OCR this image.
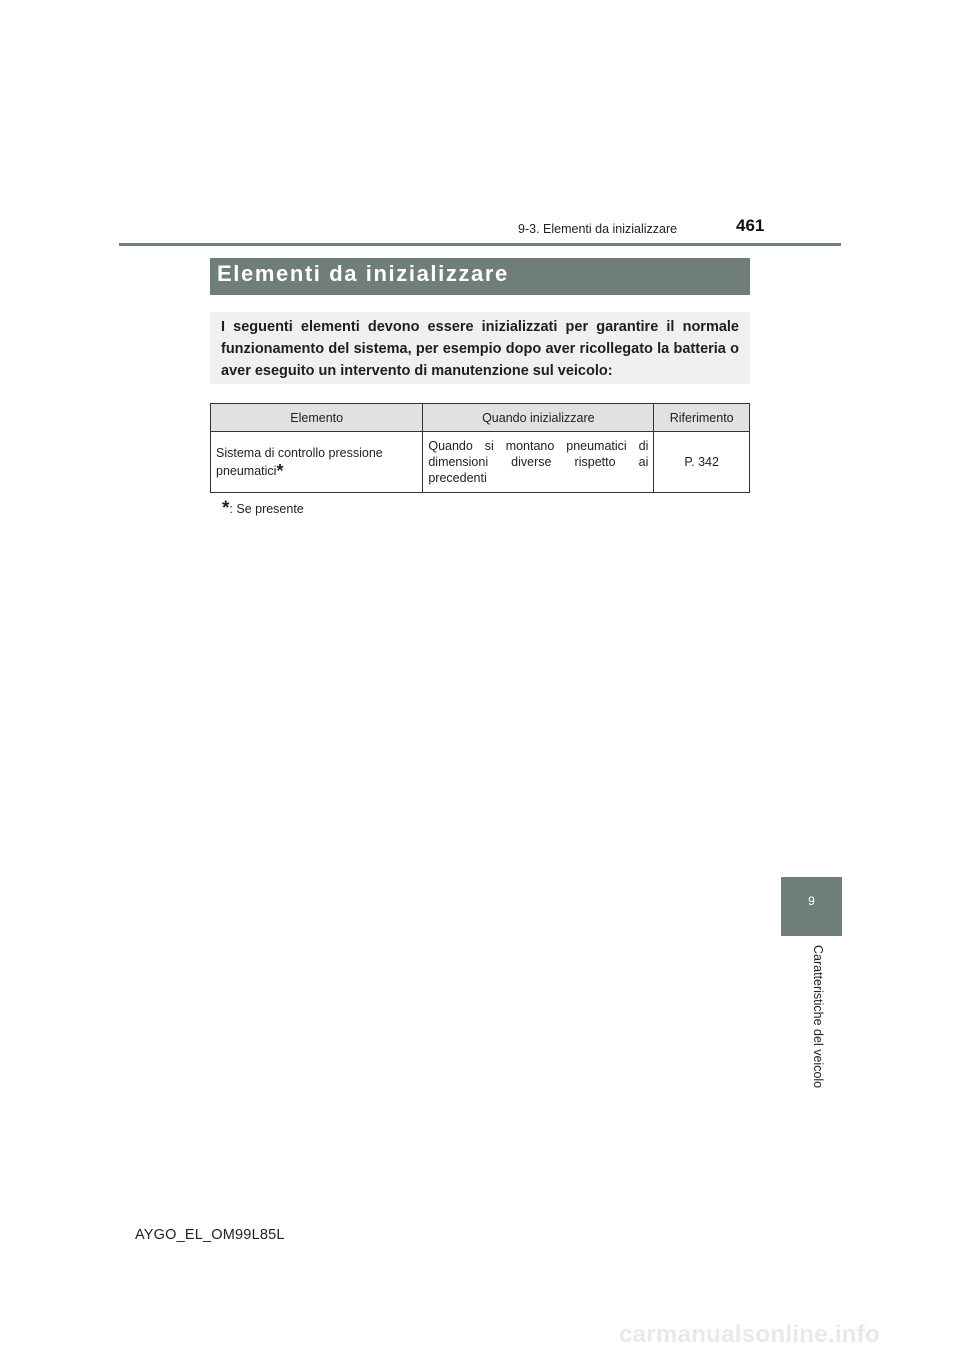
9-3. Elementi da inizializzare	461
Elementi da inizializzare

I seguenti elementi devono essere inizializzati per garantire il normale funzionamento del sistema, per esempio dopo aver ricollegato la batteria o aver eseguito un intervento di manutenzione sul veicolo:

Elemento	Quando inizializzare	Riferimento
Sistema di controllo pressione pneumatici*	Quando si montano pneumatici di dimensioni diverse rispetto ai precedenti	P. 342
*: Se presente
9
Caratteristiche del veicolo
AYGO_EL_OM99L85L
carmanualsonline.info
